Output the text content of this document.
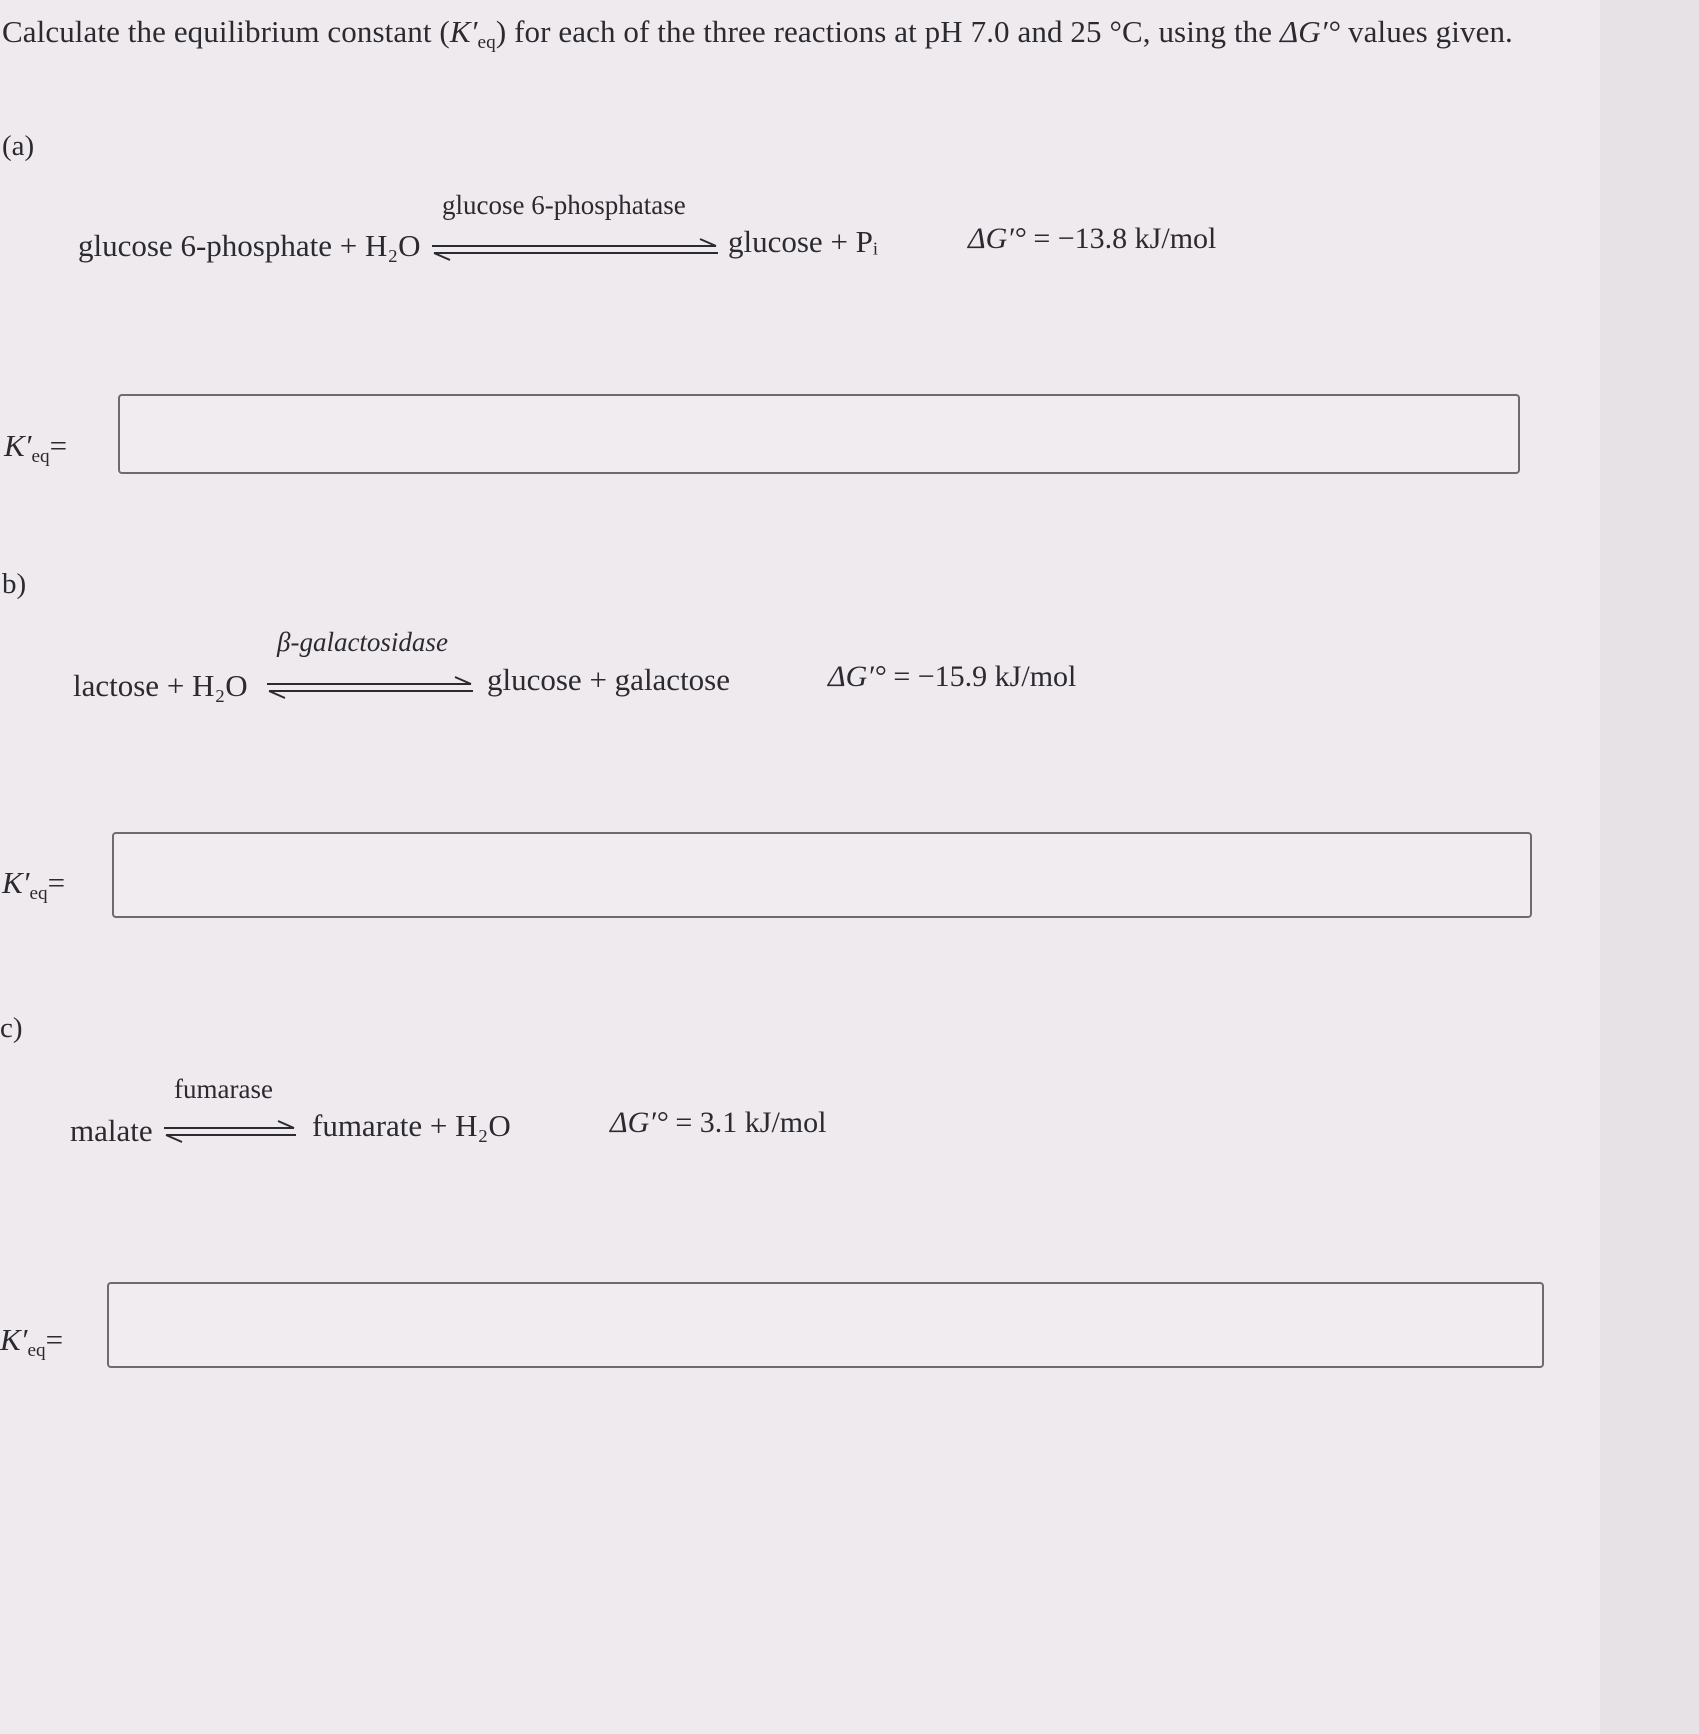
Calculate the equilibrium constant $(K'_{eq})$ for each of the three reactions at pH 7.0 and 25 °C, using the ΔG′° values given.
(a)
glucose 6-phosphatase
glucose 6-phosphate + H₂O	glucose + Pᵢ	ΔG′° = −13.8 kJ/mol
$K'_{eq}=$
b)
β-galactosidase
lactose + H₂O	glucose + galactose	ΔG′° = −15.9 kJ/mol
$K'_{eq}=$
c)
fumarase
malate	fumarate + H₂O	ΔG′° = 3.1 kJ/mol
$K'_{eq}=$
